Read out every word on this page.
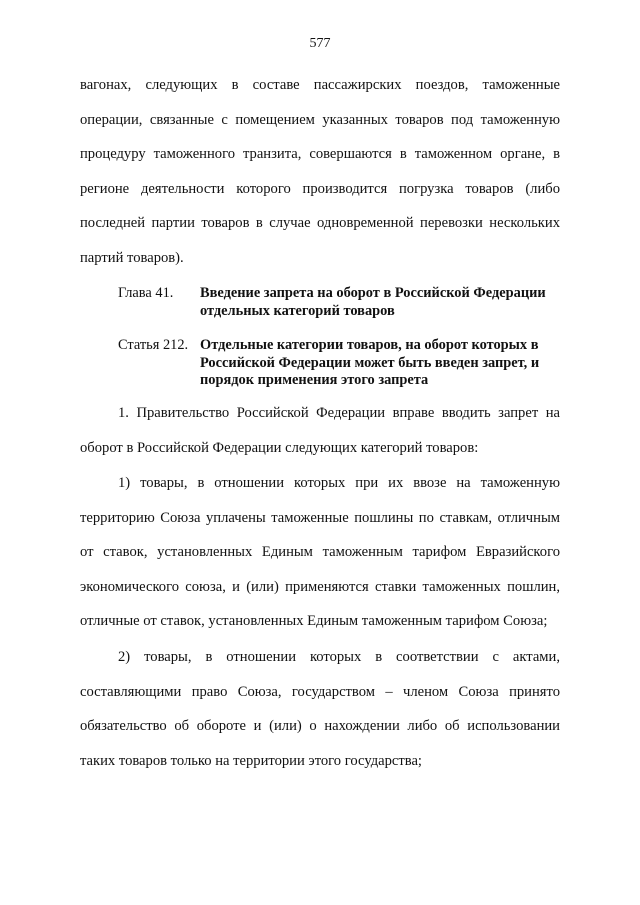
577
вагонах, следующих в составе пассажирских поездов, таможенные операции, связанные с помещением указанных товаров под таможенную процедуру таможенного транзита, совершаются в таможенном органе, в регионе деятельности которого производится погрузка товаров (либо последней партии товаров в случае одновременной перевозки нескольких партий товаров).
Глава 41.	Введение запрета на оборот в Российской Федерации отдельных категорий товаров
Статья 212. Отдельные категории товаров, на оборот которых в Российской Федерации может быть введен запрет, и порядок применения этого запрета
1. Правительство Российской Федерации вправе вводить запрет на оборот в Российской Федерации следующих категорий товаров:
1) товары, в отношении которых при их ввозе на таможенную территорию Союза уплачены таможенные пошлины по ставкам, отличным от ставок, установленных Единым таможенным тарифом Евразийского экономического союза, и (или) применяются ставки таможенных пошлин, отличные от ставок, установленных Единым таможенным тарифом Союза;
2) товары, в отношении которых в соответствии с актами, составляющими право Союза, государством – членом Союза принято обязательство об обороте и (или) о нахождении либо об использовании таких товаров только на территории этого государства;
